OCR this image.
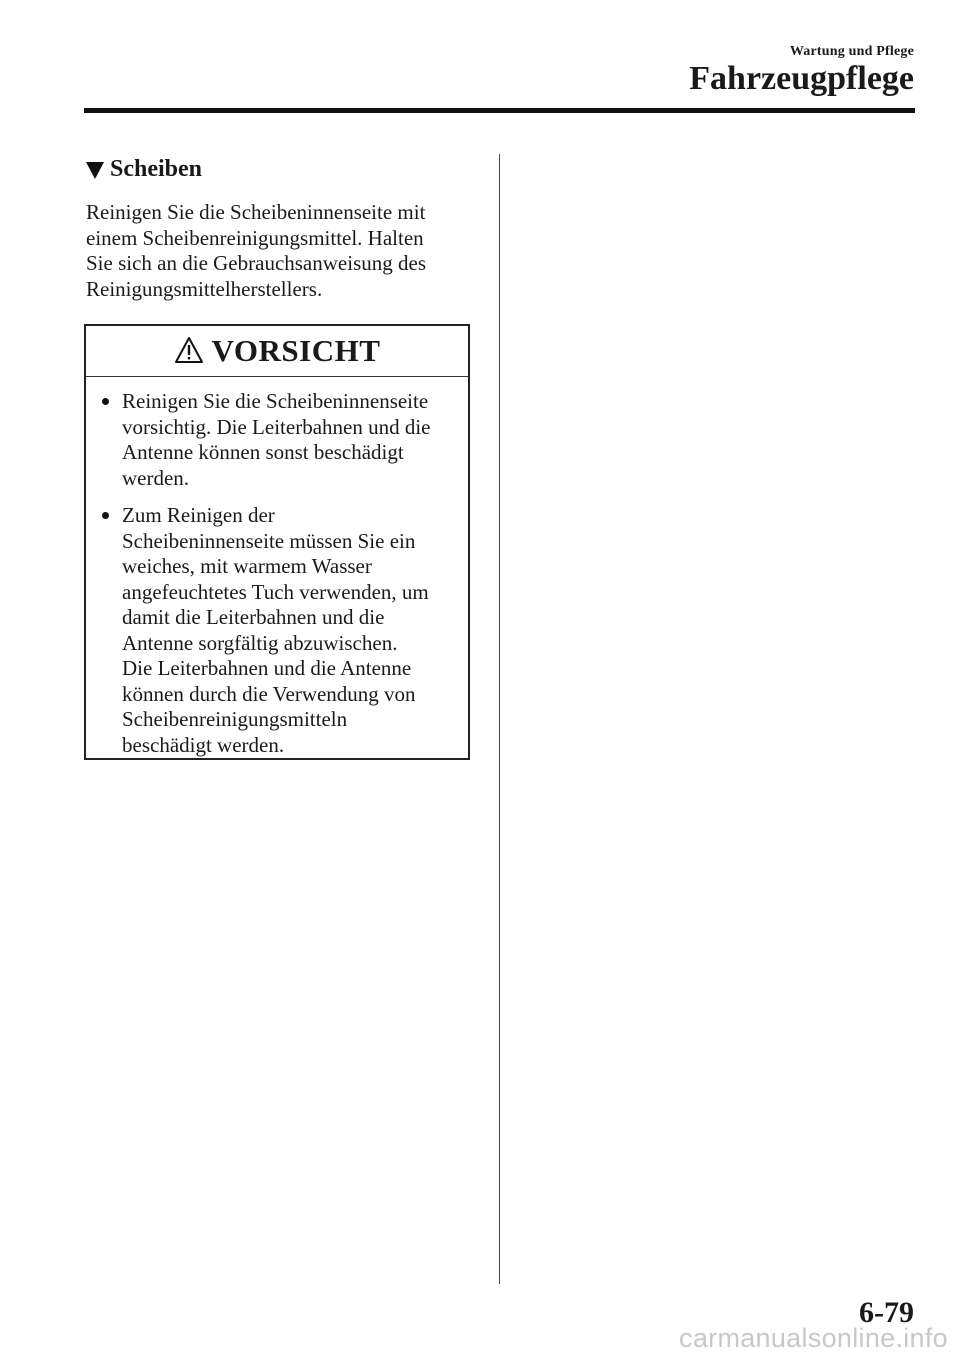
Wartung und Pflege
Fahrzeugpflege
Scheiben
Reinigen Sie die Scheibeninnenseite mit
einem Scheibenreinigungsmittel. Halten
Sie sich an die Gebrauchsanweisung des
Reinigungsmittelherstellers.
VORSICHT
Reinigen Sie die Scheibeninnenseite
vorsichtig. Die Leiterbahnen und die
Antenne können sonst beschädigt
werden.
Zum Reinigen der
Scheibeninnenseite müssen Sie ein
weiches, mit warmem Wasser
angefeuchtetes Tuch verwenden, um
damit die Leiterbahnen und die
Antenne sorgfältig abzuwischen.
Die Leiterbahnen und die Antenne
können durch die Verwendung von
Scheibenreinigungsmitteln
beschädigt werden.
6-79
carmanualsonline.info
